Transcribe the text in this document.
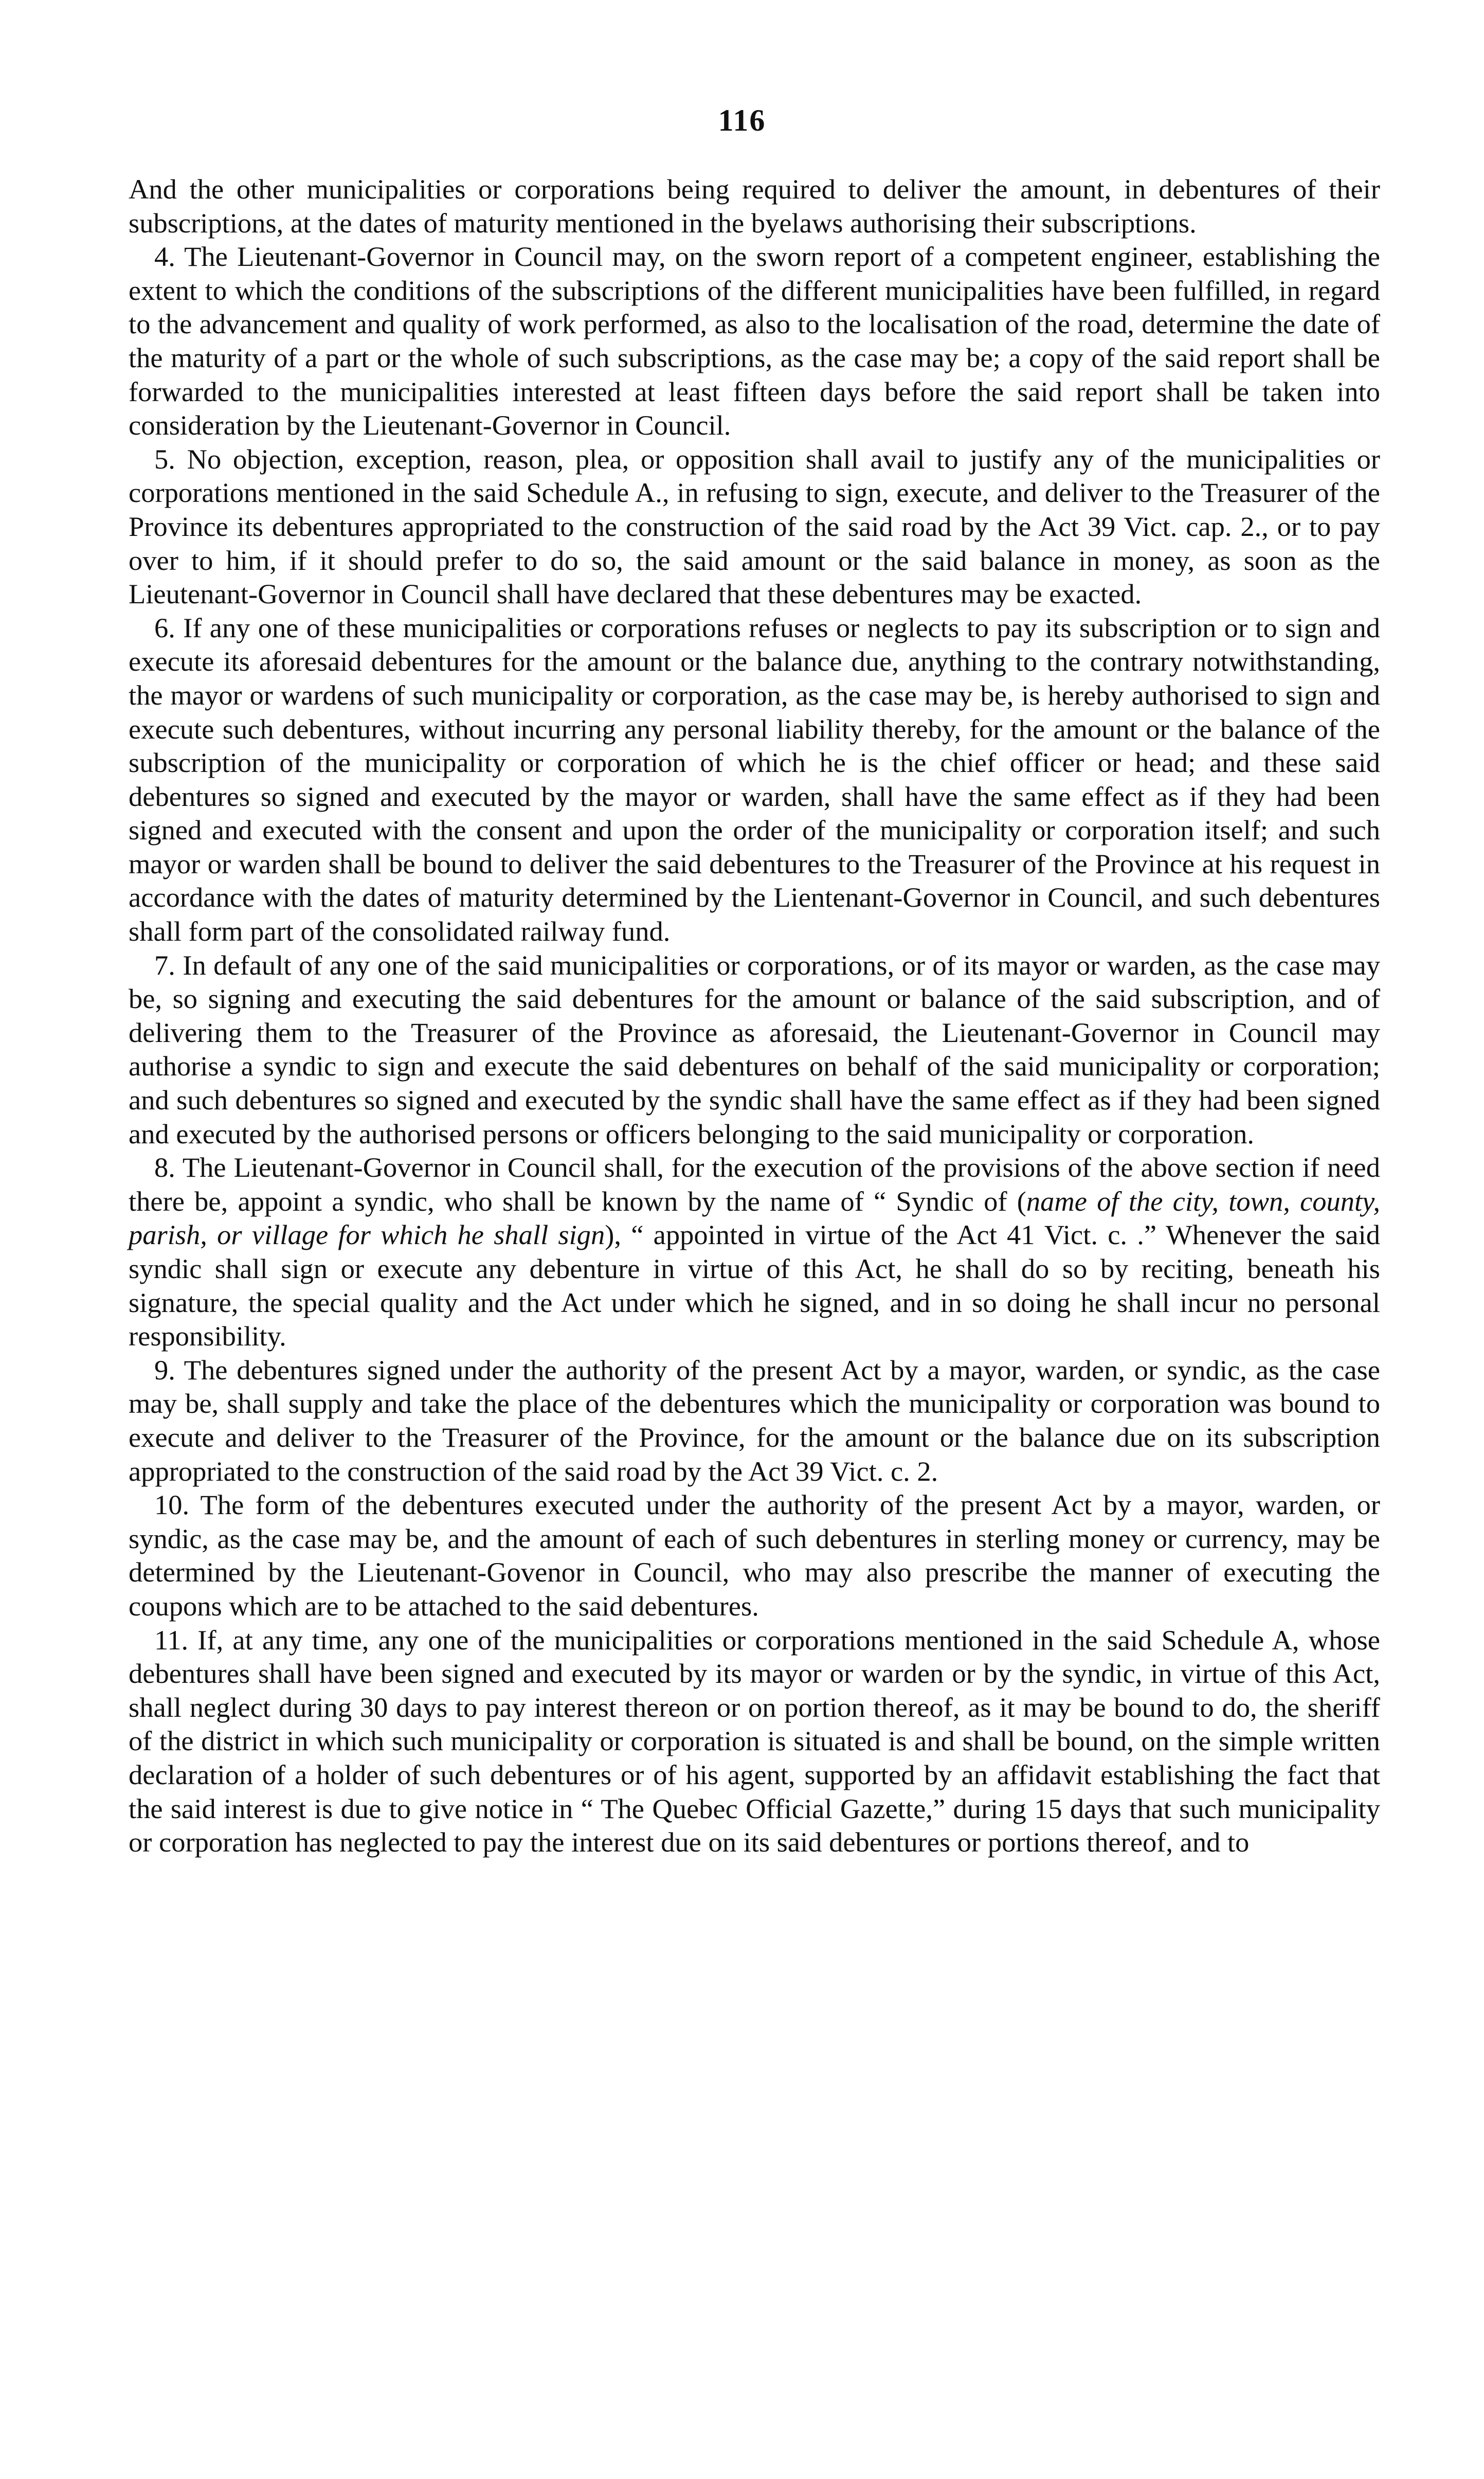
116

And the other municipalities or corporations being required to deliver the amount, in debentures of their subscriptions, at the dates of maturity mentioned in the byelaws authorising their subscriptions.

4. The Lieutenant-Governor in Council may, on the sworn report of a competent engineer, establishing the extent to which the conditions of the subscriptions of the different municipalities have been fulfilled, in regard to the advancement and quality of work performed, as also to the localisation of the road, determine the date of the maturity of a part or the whole of such subscriptions, as the case may be; a copy of the said report shall be forwarded to the municipalities interested at least fifteen days before the said report shall be taken into consideration by the Lieutenant-Governor in Council.

5. No objection, exception, reason, plea, or opposition shall avail to justify any of the municipalities or corporations mentioned in the said Schedule A., in refusing to sign, execute, and deliver to the Treasurer of the Province its debentures appropriated to the construction of the said road by the Act 39 Vict. cap. 2., or to pay over to him, if it should prefer to do so, the said amount or the said balance in money, as soon as the Lieutenant-Governor in Council shall have declared that these debentures may be exacted.

6. If any one of these municipalities or corporations refuses or neglects to pay its subscription or to sign and execute its aforesaid debentures for the amount or the balance due, anything to the contrary notwithstanding, the mayor or wardens of such municipality or corporation, as the case may be, is hereby authorised to sign and execute such debentures, without incurring any personal liability thereby, for the amount or the balance of the subscription of the municipality or corporation of which he is the chief officer or head; and these said debentures so signed and executed by the mayor or warden, shall have the same effect as if they had been signed and executed with the consent and upon the order of the municipality or corporation itself; and such mayor or warden shall be bound to deliver the said debentures to the Treasurer of the Province at his request in accordance with the dates of maturity determined by the Lientenant-Governor in Council, and such debentures shall form part of the consolidated railway fund.

7. In default of any one of the said municipalities or corporations, or of its mayor or warden, as the case may be, so signing and executing the said debentures for the amount or balance of the said subscription, and of delivering them to the Treasurer of the Province as aforesaid, the Lieutenant-Governor in Council may authorise a syndic to sign and execute the said debentures on behalf of the said municipality or corporation; and such debentures so signed and executed by the syndic shall have the same effect as if they had been signed and executed by the authorised persons or officers belonging to the said municipality or corporation.

8. The Lieutenant-Governor in Council shall, for the execution of the provisions of the above section if need there be, appoint a syndic, who shall be known by the name of “ Syndic of (name of the city, town, county, parish, or village for which he shall sign), “ appointed in virtue of the Act 41 Vict. c. .” Whenever the said syndic shall sign or execute any debenture in virtue of this Act, he shall do so by reciting, beneath his signature, the special quality and the Act under which he signed, and in so doing he shall incur no personal responsibility.

9. The debentures signed under the authority of the present Act by a mayor, warden, or syndic, as the case may be, shall supply and take the place of the debentures which the municipality or corporation was bound to execute and deliver to the Treasurer of the Province, for the amount or the balance due on its subscription appropriated to the construction of the said road by the Act 39 Vict. c. 2.

10. The form of the debentures executed under the authority of the present Act by a mayor, warden, or syndic, as the case may be, and the amount of each of such debentures in sterling money or currency, may be determined by the Lieutenant-Govenor in Council, who may also prescribe the manner of executing the coupons which are to be attached to the said debentures.

11. If, at any time, any one of the municipalities or corporations mentioned in the said Schedule A, whose debentures shall have been signed and executed by its mayor or warden or by the syndic, in virtue of this Act, shall neglect during 30 days to pay interest thereon or on portion thereof, as it may be bound to do, the sheriff of the district in which such municipality or corporation is situated is and shall be bound, on the simple written declaration of a holder of such debentures or of his agent, supported by an affidavit establishing the fact that the said interest is due to give notice in “ The Quebec Official Gazette,” during 15 days that such municipality or corporation has neglected to pay the interest due on its said debentures or portions thereof, and to
